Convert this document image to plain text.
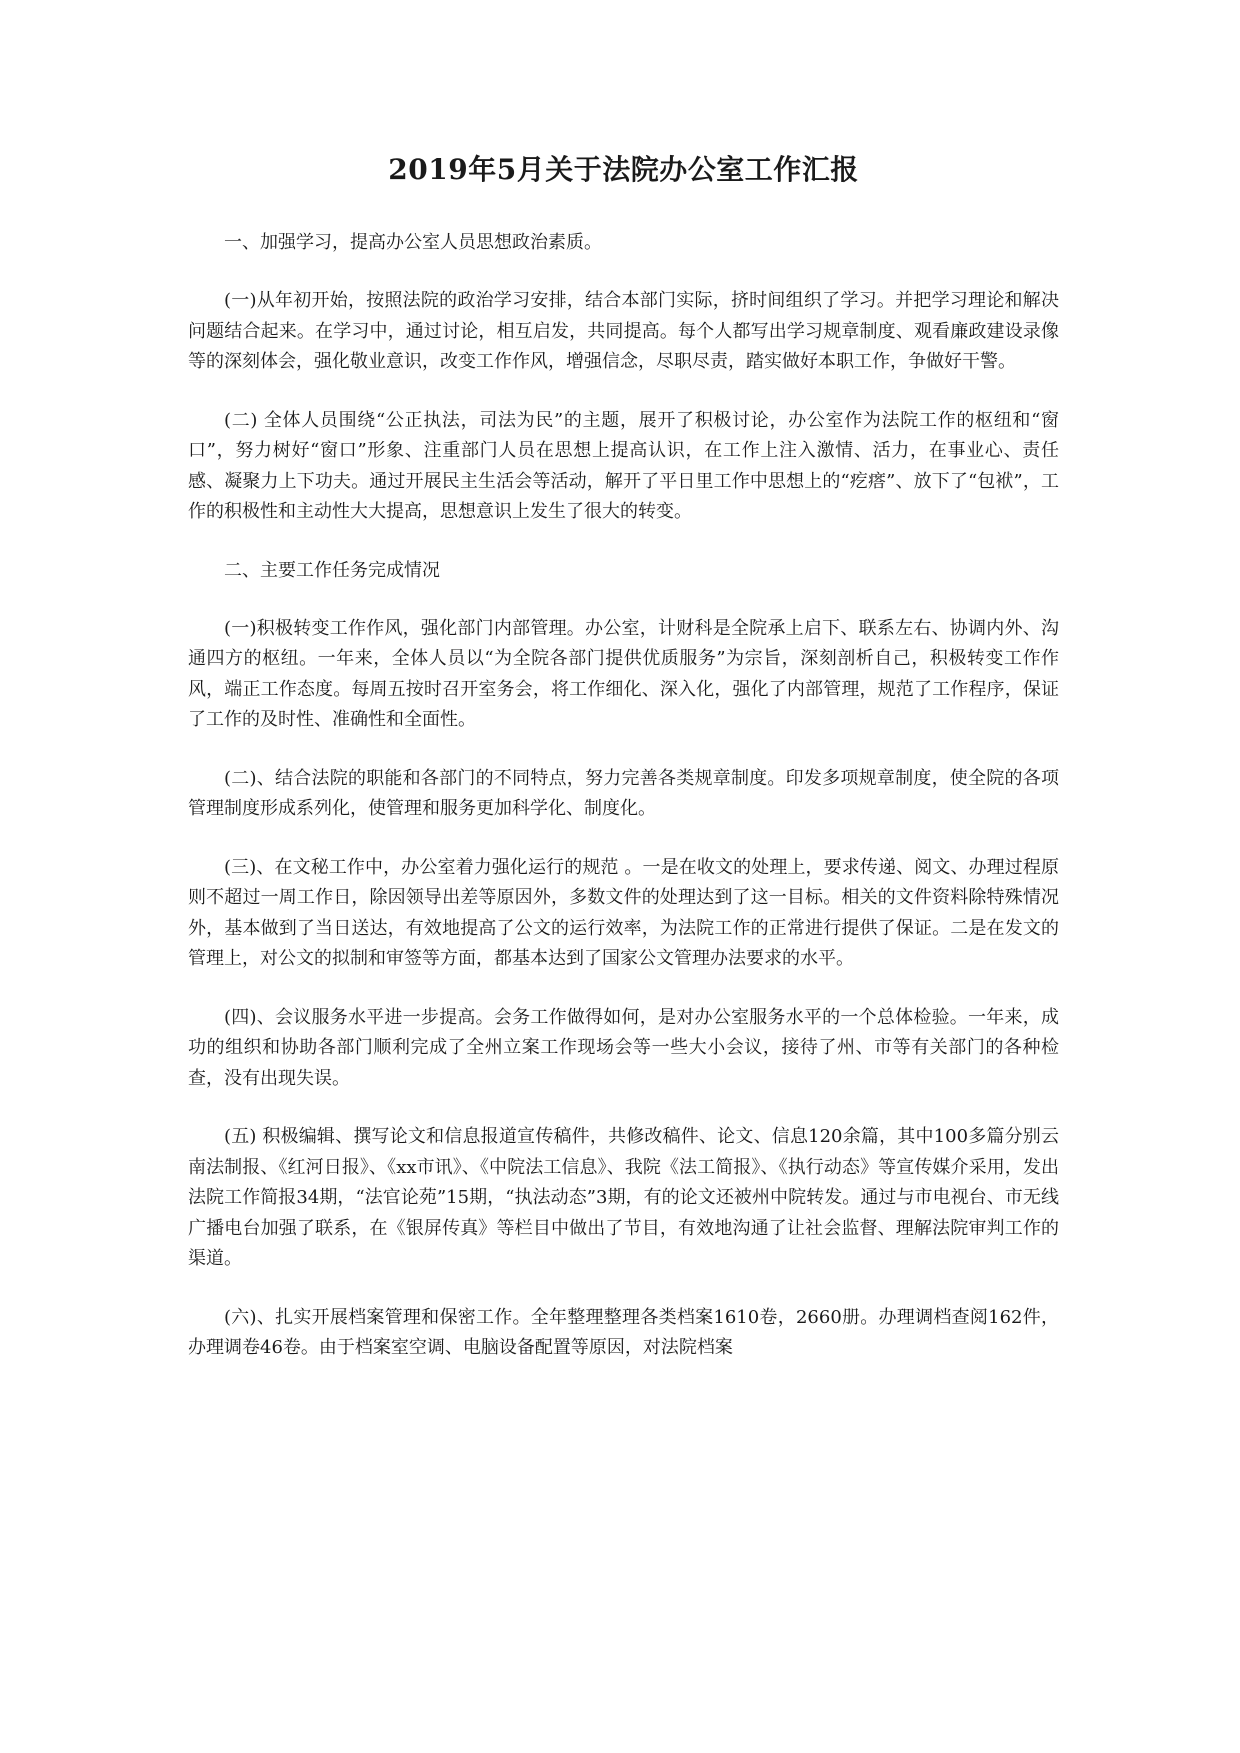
2019年5月关于法院办公室工作汇报

一、加强学习，提高办公室人员思想政治素质。

(一)从年初开始，按照法院的政治学习安排，结合本部门实际，挤时间组织了学习。并把学习理论和解决问题结合起来。在学习中，通过讨论，相互启发，共同提高。每个人都写出学习规章制度、观看廉政建设录像等的深刻体会，强化敬业意识，改变工作作风，增强信念，尽职尽责，踏实做好本职工作，争做好干警。

(二) 全体人员围绕“公正执法，司法为民”的主题，展开了积极讨论，办公室作为法院工作的枢纽和“窗口”，努力树好“窗口”形象、注重部门人员在思想上提高认识，在工作上注入激情、活力，在事业心、责任感、凝聚力上下功夫。通过开展民主生活会等活动，解开了平日里工作中思想上的“疙瘩”、放下了“包袱”，工作的积极性和主动性大大提高，思想意识上发生了很大的转变。

二、主要工作任务完成情况

(一)积极转变工作作风，强化部门内部管理。办公室，计财科是全院承上启下、联系左右、协调内外、沟通四方的枢纽。一年来，全体人员以“为全院各部门提供优质服务”为宗旨，深刻剖析自己，积极转变工作作风，端正工作态度。每周五按时召开室务会，将工作细化、深入化，强化了内部管理，规范了工作程序，保证了工作的及时性、准确性和全面性。

(二)、结合法院的职能和各部门的不同特点，努力完善各类规章制度。印发多项规章制度，使全院的各项管理制度形成系列化，使管理和服务更加科学化、制度化。

(三)、在文秘工作中，办公室着力强化运行的规范 。一是在收文的处理上，要求传递、阅文、办理过程原则不超过一周工作日，除因领导出差等原因外，多数文件的处理达到了这一目标。相关的文件资料除特殊情况外，基本做到了当日送达，有效地提高了公文的运行效率，为法院工作的正常进行提供了保证。二是在发文的管理上，对公文的拟制和审签等方面，都基本达到了国家公文管理办法要求的水平。

(四)、会议服务水平进一步提高。会务工作做得如何，是对办公室服务水平的一个总体检验。一年来，成功的组织和协助各部门顺利完成了全州立案工作现场会等一些大小会议，接待了州、市等有关部门的各种检查，没有出现失误。

(五) 积极编辑、撰写论文和信息报道宣传稿件，共修改稿件、论文、信息120余篇，其中100多篇分别云南法制报、《红河日报》、《xx市讯》、《中院法工信息》、我院《法工简报》、《执行动态》等宣传媒介采用，发出法院工作简报34期，“法官论苑”15期，“执法动态”3期，有的论文还被州中院转发。通过与市电视台、市无线广播电台加强了联系，在《银屏传真》等栏目中做出了节目，有效地沟通了让社会监督、理解法院审判工作的渠道。

(六)、扎实开展档案管理和保密工作。全年整理整理各类档案1610卷，2660册。办理调档查阅162件，办理调卷46卷。由于档案室空调、电脑设备配置等原因，对法院档案
